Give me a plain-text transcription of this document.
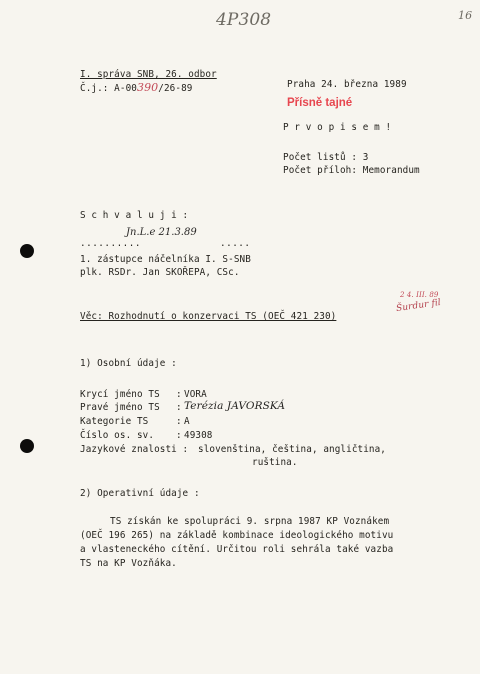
4P308	16
I. správa SNB, 26. odbor
Č.j.: A-00390/26-89	Praha 24. března 1989
Přísně tajné
P r v o p i s e m !
Počet listů : 3
Počet příloh: Memorandum
S c h v a l u j i :
..........
Jn.L.e 21.3.89
.....
1. zástupce náčelníka I. S-SNB
plk. RSDr. Jan SKOŘEPA, CSc.
2 4. III. 89
Šurdur fil
Věc: Rozhodnutí o konzervaci TS (OEČ 421 230)
1) Osobní údaje :
Krycí jméno TS : VORA
Pravé jméno TS : Terézia JAVORSKÁ
Kategorie TS	: A
Číslo os. sv. : 49308
Jazykové znalosti : slovenština, čeština, angličtina,
ruština.
2) Operativní údaje :
TS získán ke spolupráci 9. srpna 1987 KP Voznákem
(OEČ 196 265) na základě kombinace ideologického motivu
a vlasteneckého cítění. Určitou roli sehrála také vazba
TS na KP Vozňáka.
